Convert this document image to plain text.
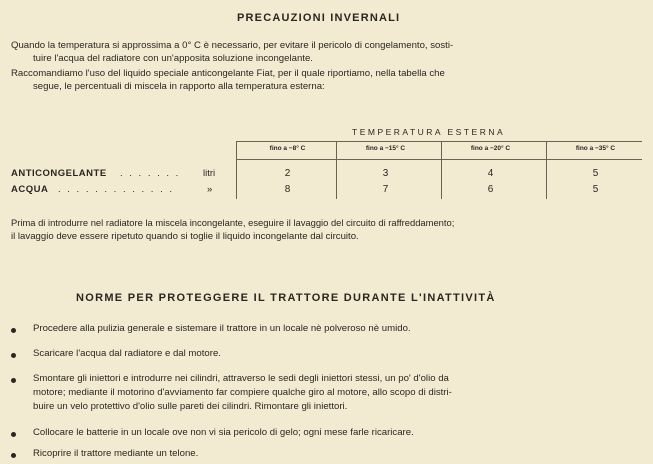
PRECAUZIONI INVERNALI

Quando la temperatura si approssima a 0° C è necessario, per evitare il pericolo di congelamento, sosti-

tuire l'acqua del radiatore con un'apposita soluzione incongelante.

Raccomandiamo l'uso del liquido speciale anticongelante Fiat, per il quale riportiamo, nella tabella che

segue, le percentuali di miscela in rapporto alla temperatura esterna:

TEMPERATURA ESTERNA
fino a −8° C	fino a −15° C	fino a −20° C	fino a −35° C
ANTICONGELANTE . . . . . . . litri	2	3	4	5
ACQUA . . . . . . . . . . . . .	»	8	7	6	5

Prima di introdurre nel radiatore la miscela incongelante, eseguire il lavaggio del circuito di raffreddamento;

il lavaggio deve essere ripetuto quando si toglie il liquido incongelante dal circuito.

NORME PER PROTEGGERE IL TRATTORE DURANTE L'INATTIVITÀ
Procedere alla pulizia generale e sistemare il trattore in un locale nè polveroso nè umido.
Scaricare l'acqua dal radiatore e dal motore.
Smontare gli iniettori e introdurre nei cilindri, attraverso le sedi degli iniettori stessi, un po' d'olio da
motore; mediante il motorino d'avviamento far compiere qualche giro al motore, allo scopo di distri-
buire un velo protettivo d'olio sulle pareti dei cilindri. Rimontare gli iniettori.
Collocare le batterie in un locale ove non vi sia pericolo di gelo; ogni mese farle ricaricare.
Ricoprire il trattore mediante un telone.
